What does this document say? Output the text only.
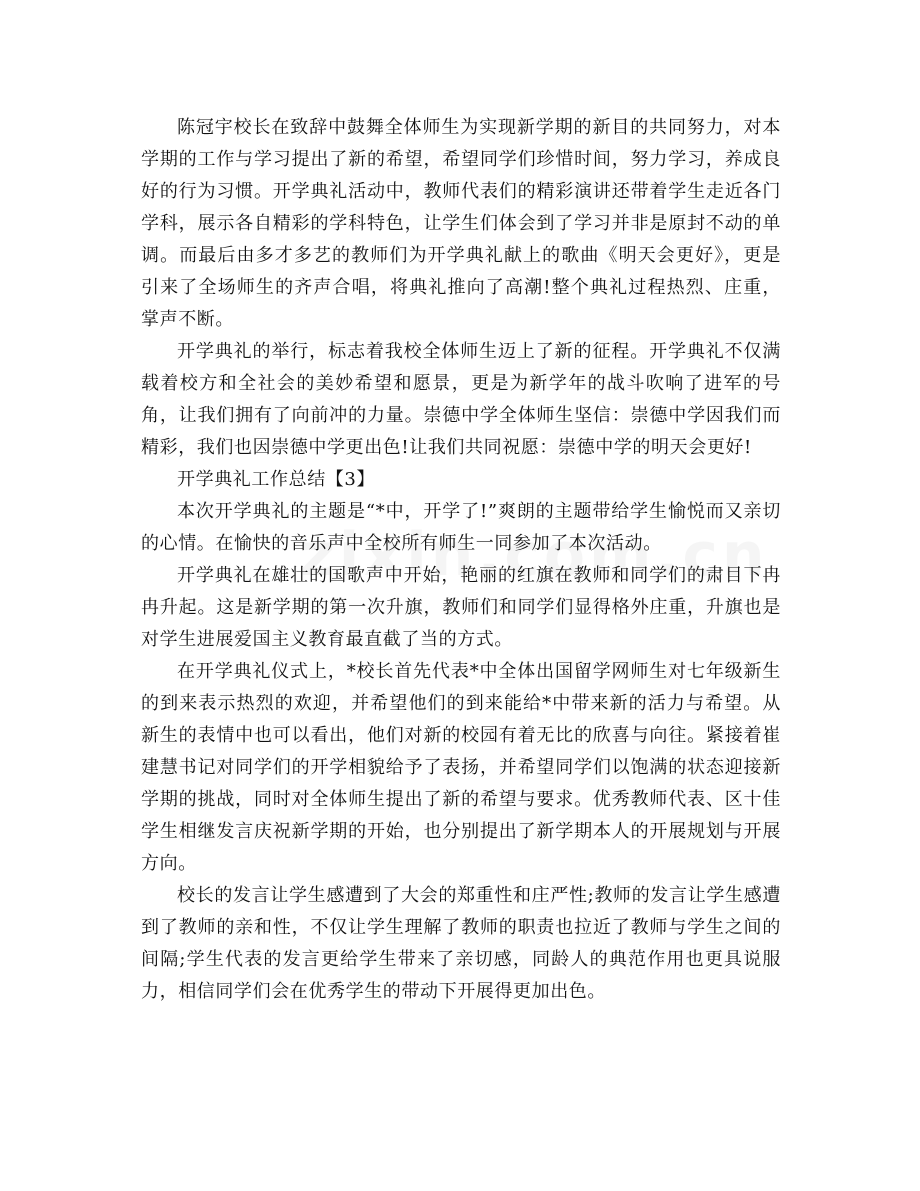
陈冠宇校长在致辞中鼓舞全体师生为实现新学期的新目的共同努力，对本学期的工作与学习提出了新的希望，希望同学们珍惜时间，努力学习，养成良好的行为习惯。开学典礼活动中，教师代表们的精彩演讲还带着学生走近各门学科，展示各自精彩的学科特色，让学生们体会到了学习并非是原封不动的单调。而最后由多才多艺的教师们为开学典礼献上的歌曲《明天会更好》，更是引来了全场师生的齐声合唱，将典礼推向了高潮!整个典礼过程热烈、庄重，掌声不断。

开学典礼的举行，标志着我校全体师生迈上了新的征程。开学典礼不仅满载着校方和全社会的美妙希望和愿景，更是为新学年的战斗吹响了进军的号角，让我们拥有了向前冲的力量。崇德中学全体师生坚信：崇德中学因我们而精彩，我们也因崇德中学更出色!让我们共同祝愿：崇德中学的明天会更好!

开学典礼工作总结【3】

本次开学典礼的主题是“*中，开学了!”爽朗的主题带给学生愉悦而又亲切的心情。在愉快的音乐声中全校所有师生一同参加了本次活动。

开学典礼在雄壮的国歌声中开始，艳丽的红旗在教师和同学们的肃目下冉冉升起。这是新学期的第一次升旗，教师们和同学们显得格外庄重，升旗也是对学生进展爱国主义教育最直截了当的方式。

在开学典礼仪式上，*校长首先代表*中全体出国留学网师生对七年级新生的到来表示热烈的欢迎，并希望他们的到来能给*中带来新的活力与希望。从新生的表情中也可以看出，他们对新的校园有着无比的欣喜与向往。紧接着崔建慧书记对同学们的开学相貌给予了表扬，并希望同学们以饱满的状态迎接新学期的挑战，同时对全体师生提出了新的希望与要求。优秀教师代表、区十佳学生相继发言庆祝新学期的开始，也分别提出了新学期本人的开展规划与开展方向。

校长的发言让学生感遭到了大会的郑重性和庄严性;教师的发言让学生感遭到了教师的亲和性，不仅让学生理解了教师的职责也拉近了教师与学生之间的间隔;学生代表的发言更给学生带来了亲切感，同龄人的典范作用也更具说服力，相信同学们会在优秀学生的带动下开展得更加出色。
